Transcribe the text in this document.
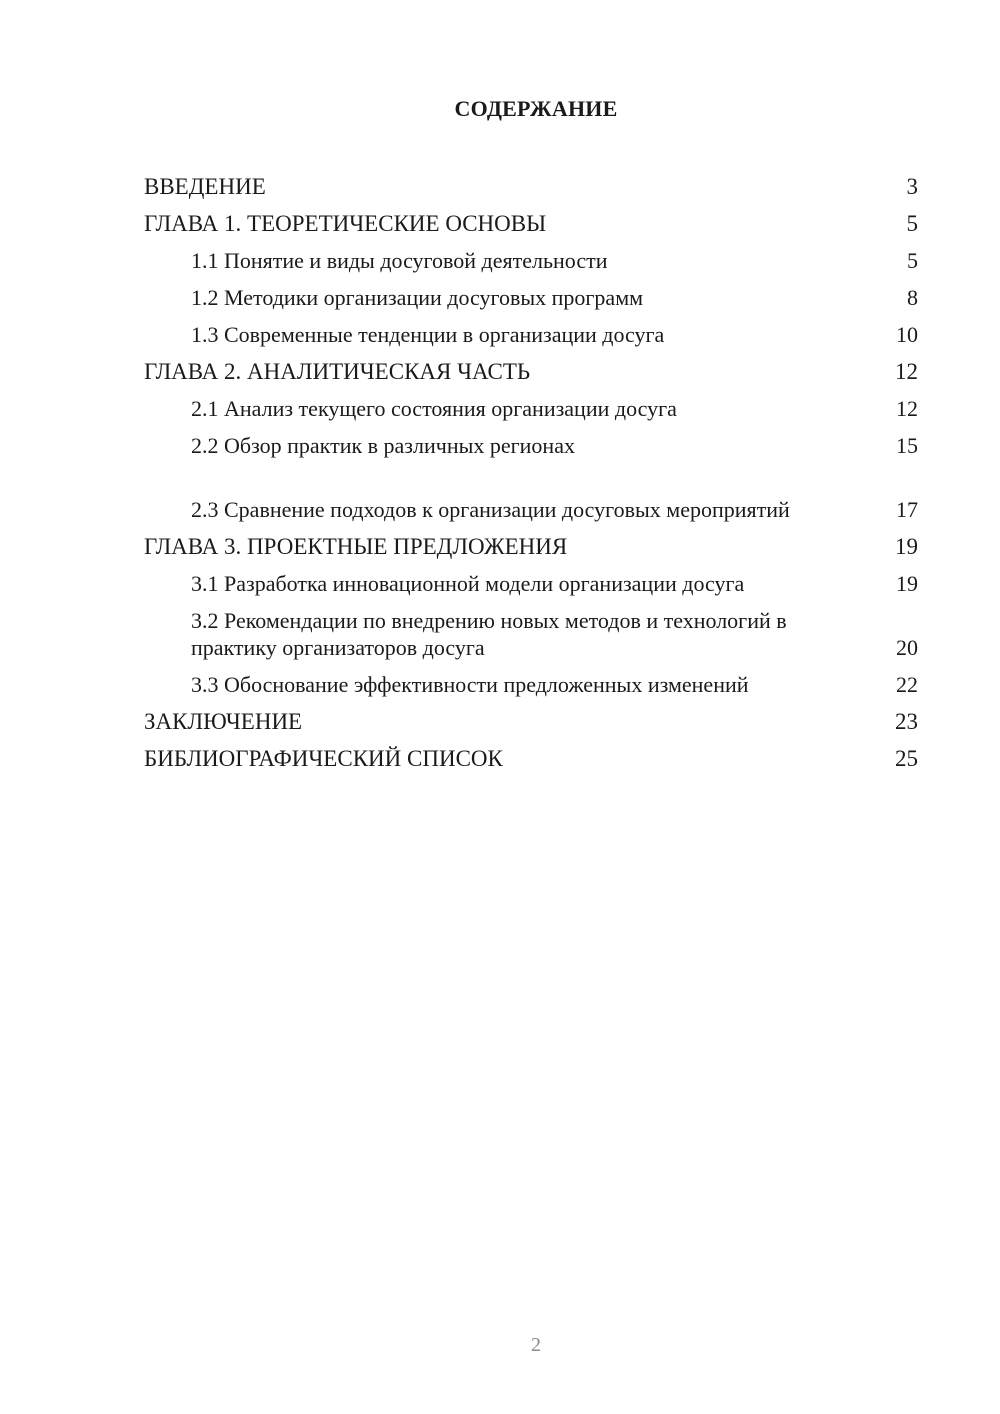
СОДЕРЖАНИЕ
ВВЕДЕНИЕ	3
ГЛАВА 1. ТЕОРЕТИЧЕСКИЕ ОСНОВЫ	5
1.1 Понятие и виды досуговой деятельности	5
1.2 Методики организации досуговых программ	8
1.3 Современные тенденции в организации досуга	10
ГЛАВА 2. АНАЛИТИЧЕСКАЯ ЧАСТЬ	12
2.1 Анализ текущего состояния организации досуга	12
2.2 Обзор практик в различных регионах	15
2.3 Сравнение подходов к организации досуговых мероприятий	17
ГЛАВА 3. ПРОЕКТНЫЕ ПРЕДЛОЖЕНИЯ	19
3.1 Разработка инновационной модели организации досуга	19
3.2 Рекомендации по внедрению новых методов и технологий в практику организаторов досуга	20
3.3 Обоснование эффективности предложенных изменений	22
ЗАКЛЮЧЕНИЕ	23
БИБЛИОГРАФИЧЕСКИЙ СПИСОК	25
2
